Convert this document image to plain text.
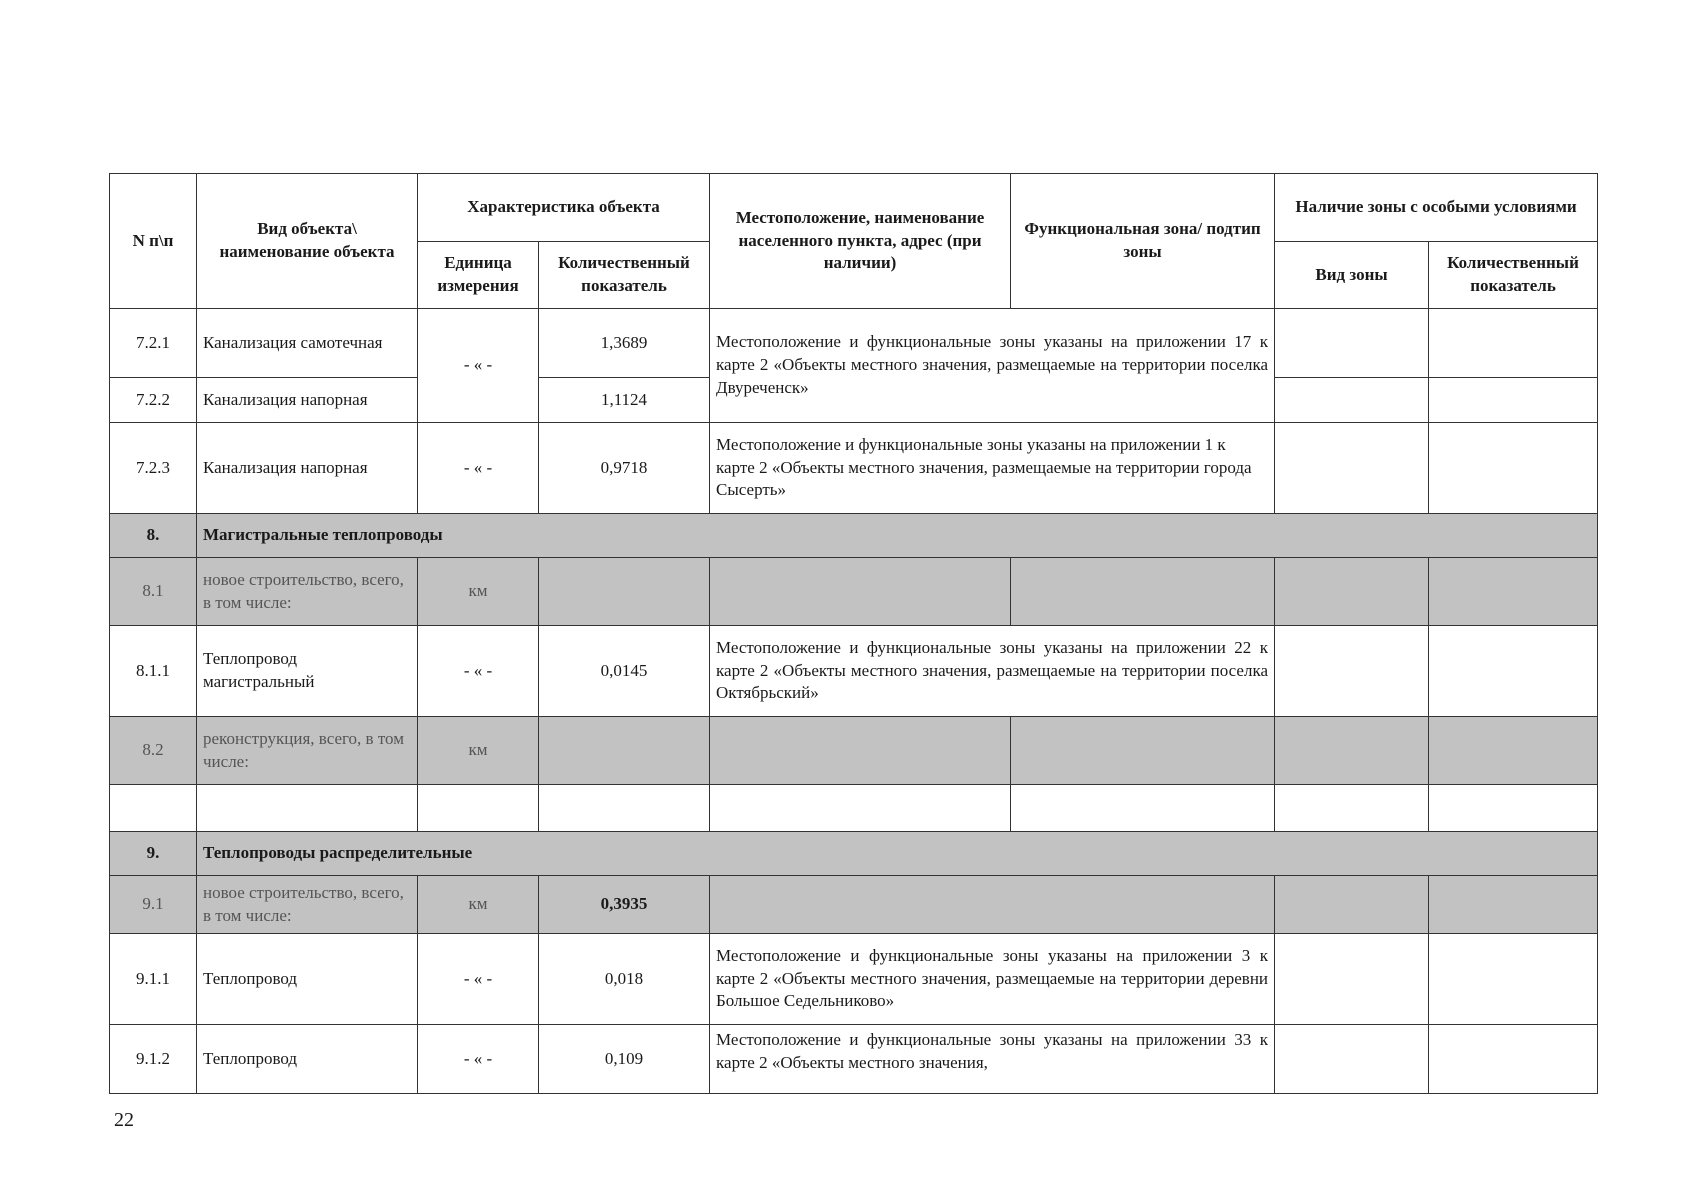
N п\п	Вид объекта\ наименование объекта	Характеристика объекта		Местоположение, наименование населенного пункта, адрес (при наличии)	Функциональная зона/ подтип зоны	Наличие зоны с особыми условиями	
		Единица измерения	Количественный показатель			Вид зоны	Количественный показатель
7.2.1	Канализация самотечная	- « -	1,3689	Местоположение и функциональные зоны указаны на приложении 17 к карте 2 «Объекты местного значения, размещаемые на территории поселка Двуреченск»			
7.2.2	Канализация напорная		1,1124				
7.2.3	Канализация напорная	- « -	0,9718	Местоположение и функциональные зоны указаны на приложении 1 к карте 2 «Объекты местного значения, размещаемые на территории города Сысерть»			
8.	Магистральные теплопроводы						
8.1	новое строительство, всего, в том числе:	км					
8.1.1	Теплопровод магистральный	- « -	0,0145	Местоположение и функциональные зоны указаны на приложении 22 к карте 2 «Объекты местного значения, размещаемые на территории поселка Октябрьский»			
8.2	реконструкция, всего, в том числе:	км					

9.	Теплопроводы распределительные						
9.1	новое строительство, всего, в том числе:	км	0,3935				
9.1.1	Теплопровод	- « -	0,018	Местоположение и функциональные зоны указаны на приложении 3 к карте 2 «Объекты местного значения, размещаемые на территории деревни Большое Седельниково»			
9.1.2	Теплопровод	- « -	0,109	Местоположение и функциональные зоны указаны на приложении 33 к карте 2 «Объекты местного значения,			
22
